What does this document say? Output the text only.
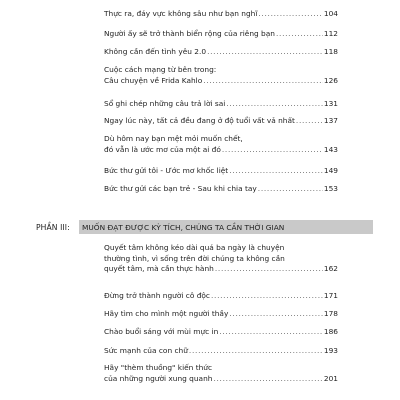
Thực ra, đáy vực không sâu như bạn nghĩ .....	104
Người ấy sẽ trở thành biển rộng của riêng bạn .....	112
Không cần đến tình yêu 2.0 .....	118
Cuộc cách mạng từ bên trong:
Câu chuyện về Frida Kahlo .....	126
Sổ ghi chép những câu trả lời sai .....	131
Ngay lúc này, tất cả đều đang ở độ tuổi vất vả nhất .....	137
Dù hôm nay bạn mệt mỏi muốn chết,
đó vẫn là ước mơ của một ai đó .....	143
Bức thư gửi tôi - Ước mơ khốc liệt .....	149
Bức thư gửi các bạn trẻ - Sau khi chia tay .....	153
PHẦN III: MUỐN ĐẠT ĐƯỢC KỲ TÍCH, CHÚNG TA CẦN THỜI GIAN
Quyết tâm không kéo dài quá ba ngày là chuyện
thường tình, vì sống trên đời chúng ta không cần
quyết tâm, mà cần thực hành .....	162
Đừng trở thành người cô độc .....	171
Hãy tìm cho mình một người thầy .....	178
Chào buổi sáng với mùi mực in .....	186
Sức mạnh của con chữ .....	193
Hãy "thèm thuồng" kiến thức
của những người xung quanh .....	201
